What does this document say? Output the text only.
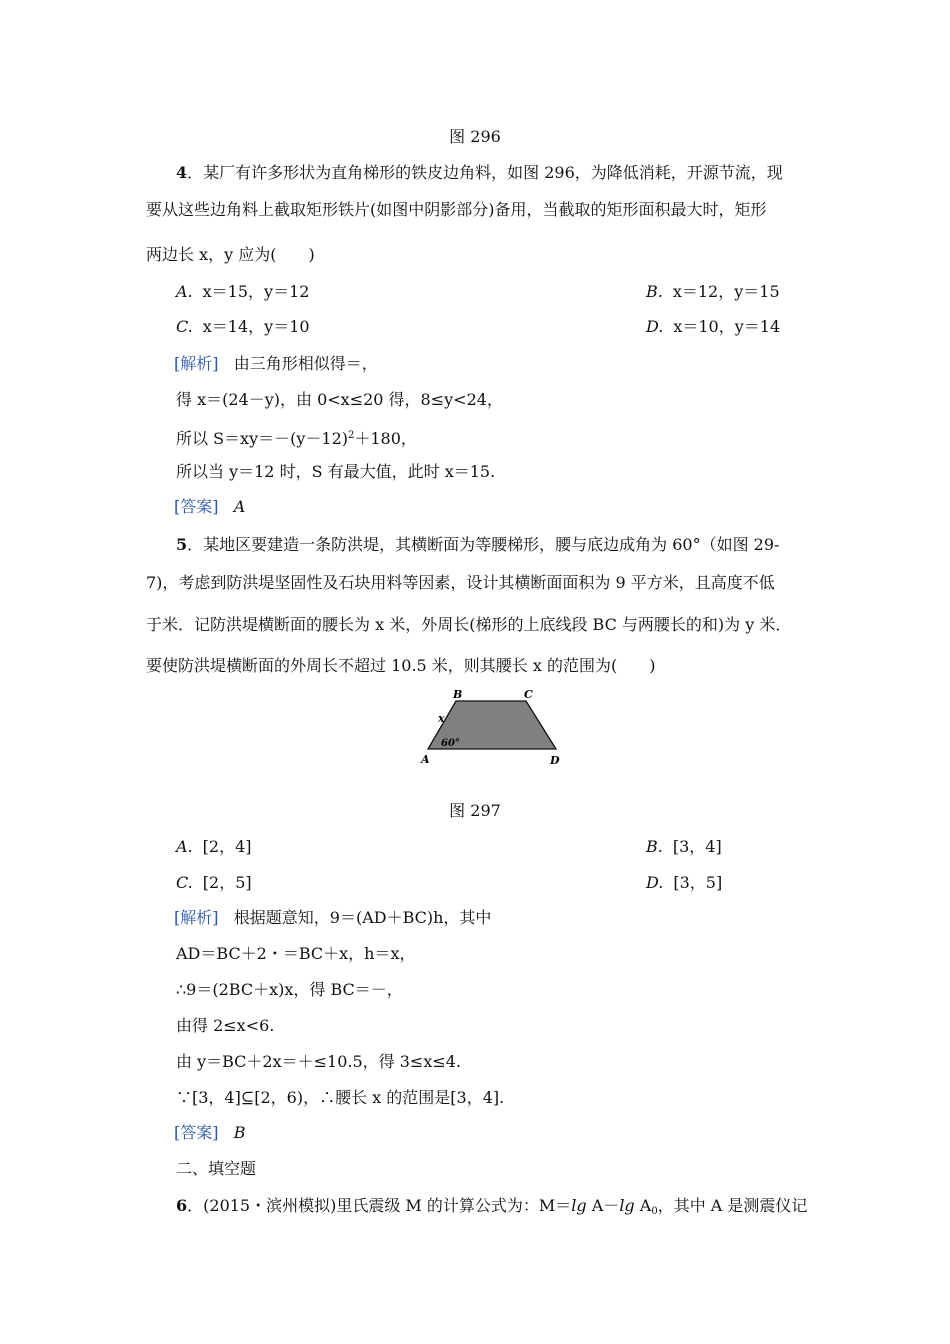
图 296
4．某厂有许多形状为直角梯形的铁皮边角料，如图 296，为降低消耗，开源节流，现
要从这些边角料上截取矩形铁片(如图中阴影部分)备用，当截取的矩形面积最大时，矩形
两边长 x，y 应为(　　)
A. x＝15，y＝12	B. x＝12，y＝15
C. x＝14，y＝10	D. x＝10，y＝14
[解析] 由三角形相似得＝，
得 x＝(24－y)，由 0<x≤20 得，8≤y<24，
所以 $S=xy=-(y-12)^2+180$，
所以当 y＝12 时，S 有最大值，此时 x＝15.
[答案] A
5．某地区要建造一条防洪堤，其横断面为等腰梯形，腰与底边成角为 60°（如图 29-
7)，考虑到防洪堤坚固性及石块用料等因素，设计其横断面面积为 9 平方米，且高度不低
于米．记防洪堤横断面的腰长为 x 米，外周长(梯形的上底线段 BC 与两腰长的和)为 y 米．
要使防洪堤横断面的外周长不超过 10.5 米，则其腰长 x 的范围为(　　)
B	C
A	D
x
60°
图 297
A. [2，4]	B. [3，4]
C. [2，5]	D. [3，5]
[解析] 根据题意知，9＝(AD＋BC)h，其中
AD＝BC＋2・＝BC＋x，h＝x，
∴9＝(2BC＋x)x，得 BC＝－，
由得 2≤x<6.
由 y＝BC＋2x＝＋≤10.5，得 3≤x≤4.
∵[3，4]⊆[2，6)，∴腰长 x 的范围是[3，4].
[答案] B
二、填空题
6．(2015・滨州模拟)里氏震级 M 的计算公式为：M＝lg A－lg $A_0$，其中 A 是测震仪记
